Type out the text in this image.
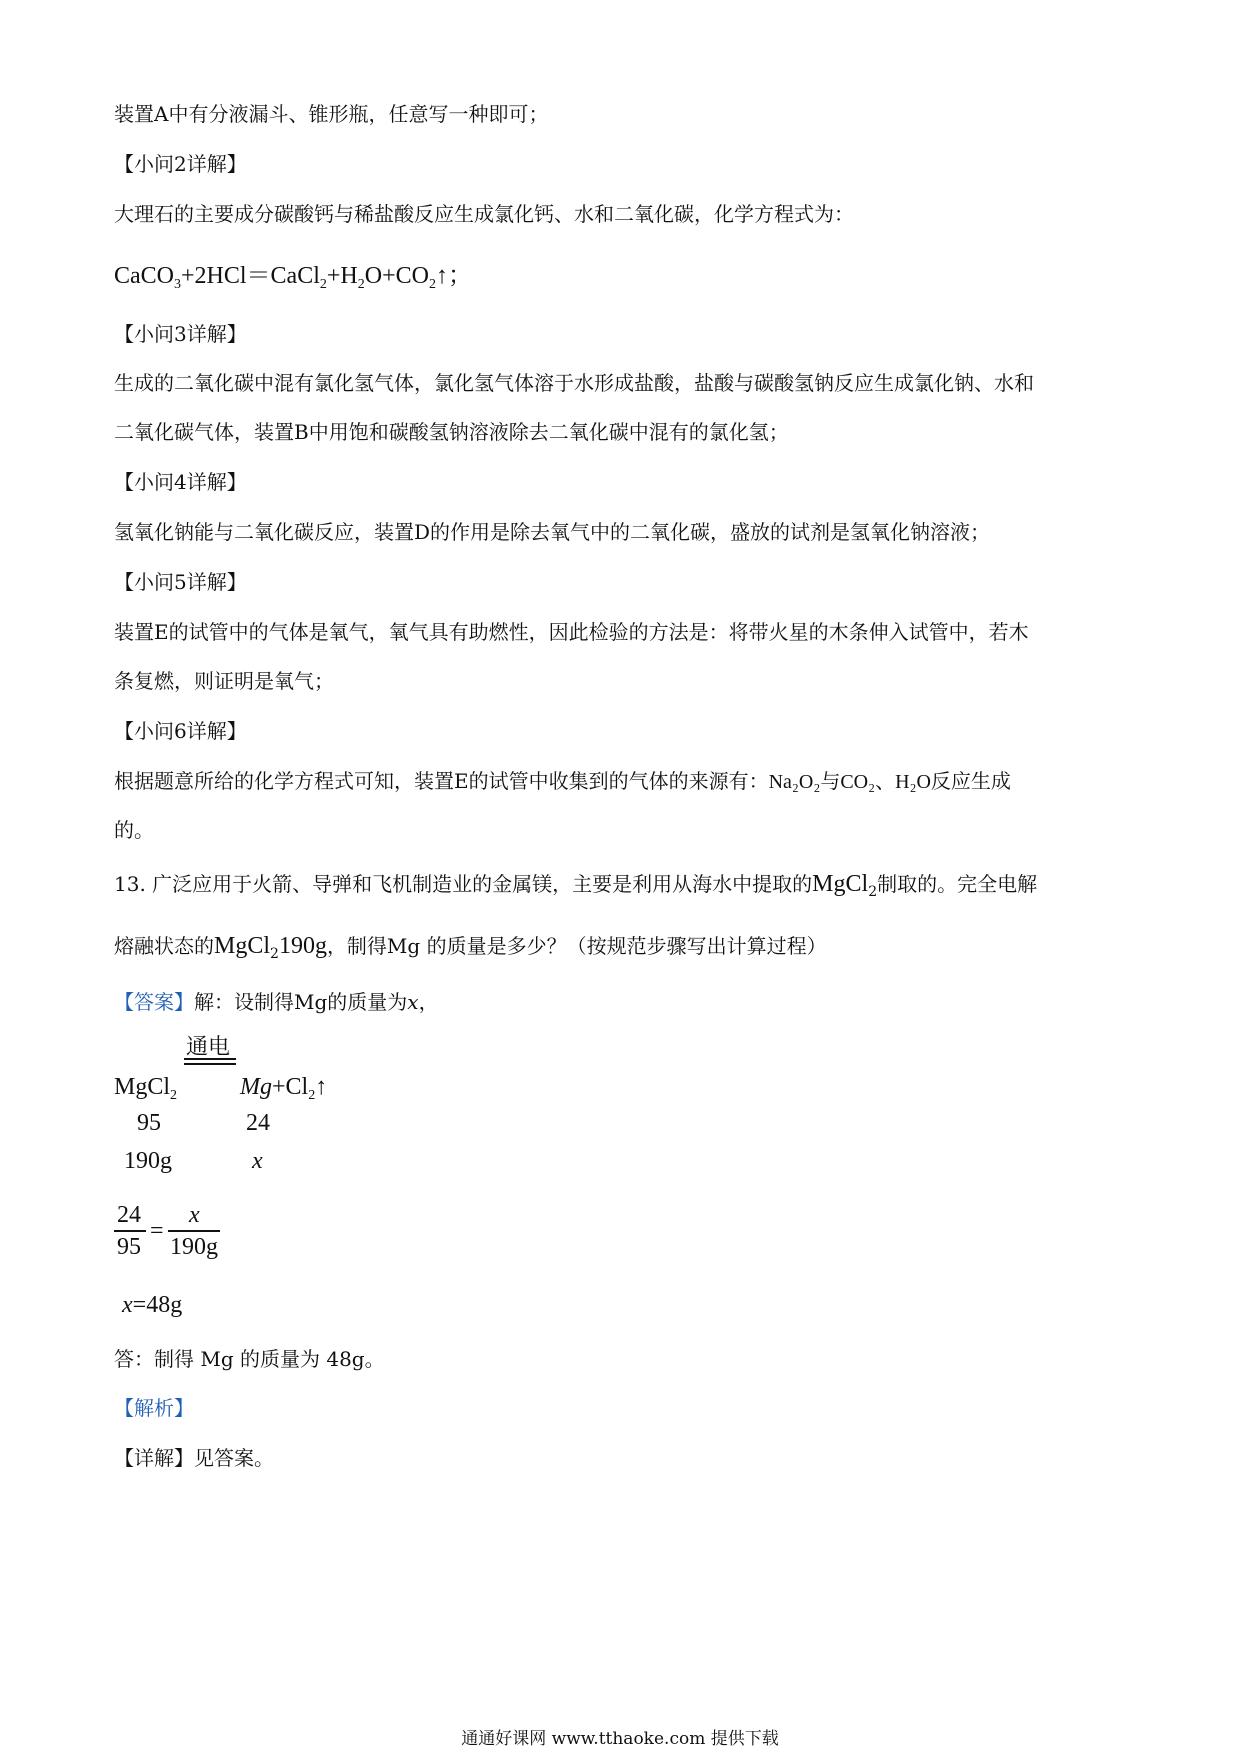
装置A中有分液漏斗、锥形瓶，任意写一种即可；
【小问2详解】
大理石的主要成分碳酸钙与稀盐酸反应生成氯化钙、水和二氧化碳，化学方程式为：
$CaCO_3+2HCl=CaCl_2+H_2O+CO_2↑$；
【小问3详解】
生成的二氧化碳中混有氯化氢气体，氯化氢气体溶于水形成盐酸，盐酸与碳酸氢钠反应生成氯化钠、水和
二氧化碳气体，装置B中用饱和碳酸氢钠溶液除去二氧化碳中混有的氯化氢；
【小问4详解】
氢氧化钠能与二氧化碳反应，装置D的作用是除去氧气中的二氧化碳，盛放的试剂是氢氧化钠溶液；
【小问5详解】
装置E的试管中的气体是氧气，氧气具有助燃性，因此检验的方法是：将带火星的木条伸入试管中，若木
条复燃，则证明是氧气；
【小问6详解】
根据题意所给的化学方程式可知，装置E的试管中收集到的气体的来源有：Na₂O₂与CO₂、H₂O反应生成
的。
13. 广泛应用于火箭、导弹和飞机制造业的金属镁，主要是利用从海水中提取的MgCl$_2$制取的。完全电解
熔融状态的MgCl$_2$190g，制得Mg 的质量是多少？（按规范步骤写出计算过程）
【答案】解：设制得Mg的质量为x，
通电
MgCl$_2$	$Mg+Cl_2↑$
95	24
190g	x
24
95
=
x
190g
x=48g
答：制得 Mg 的质量为 48g。
【解析】
【详解】见答案。
通通好课网 www.tthaoke.com 提供下载
